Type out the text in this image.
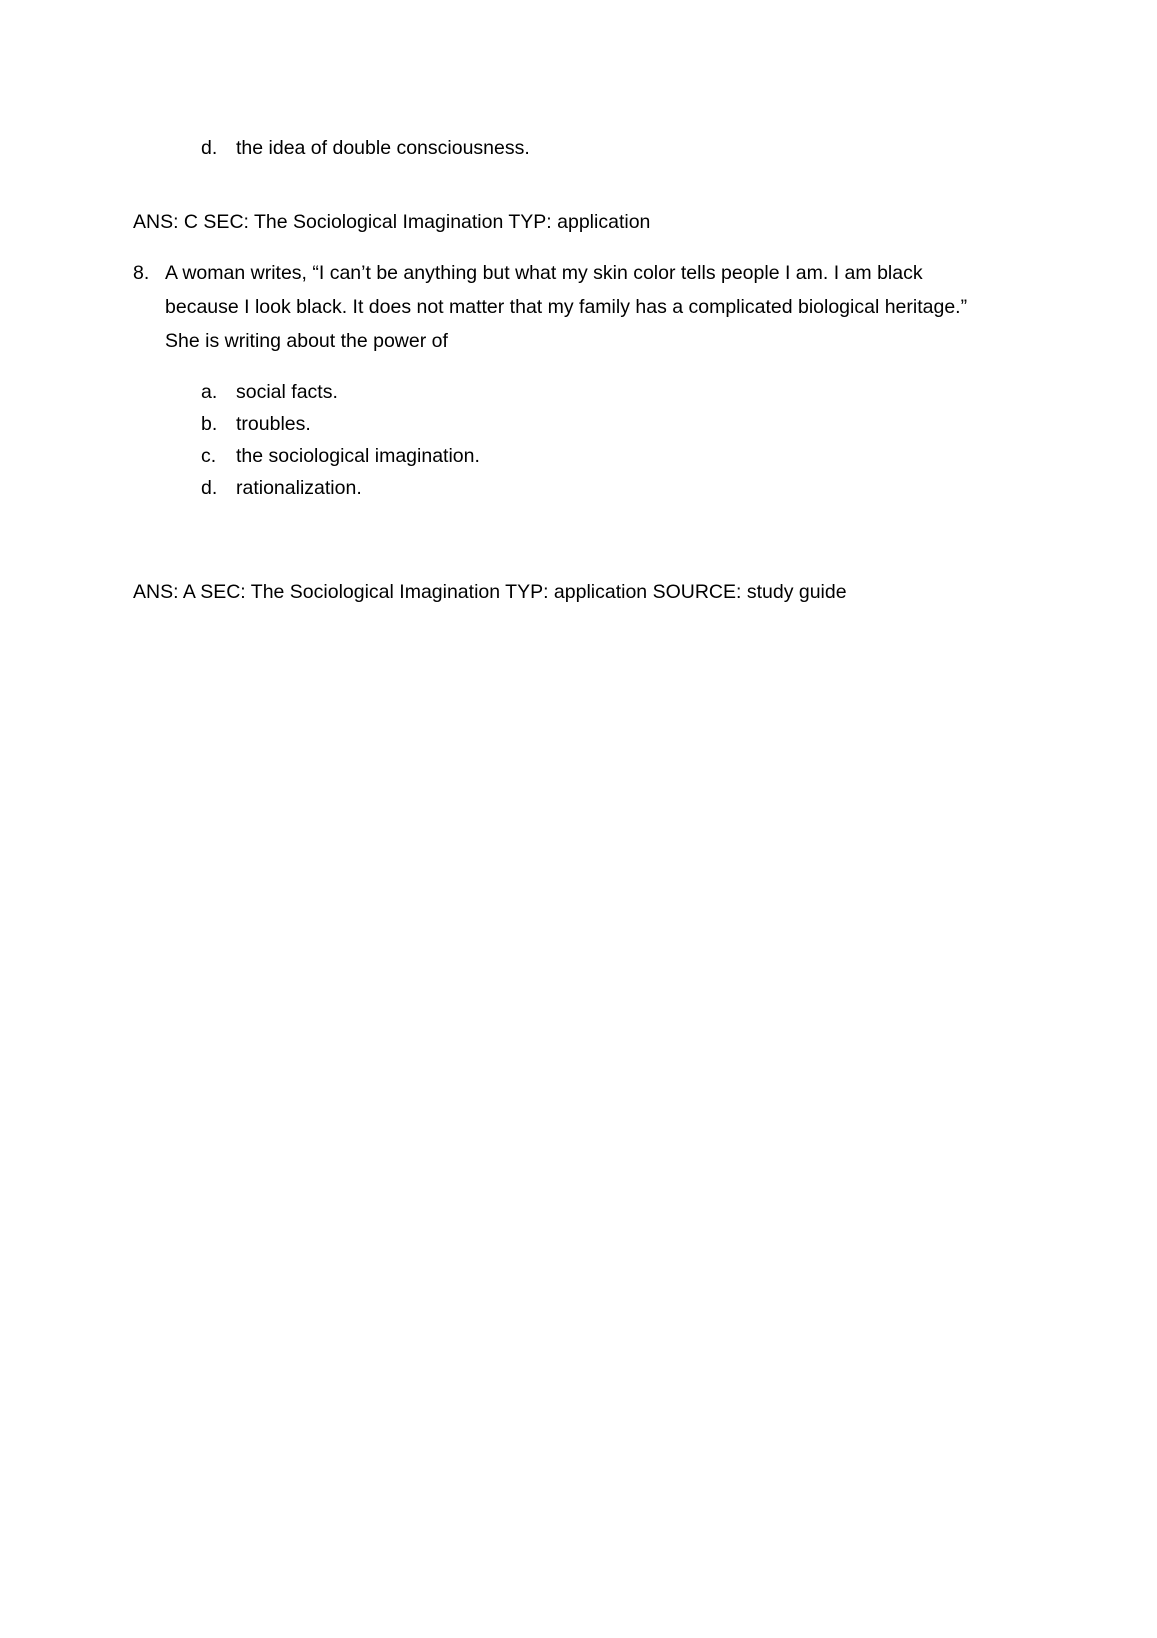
d. the idea of double consciousness.
ANS: C SEC: The Sociological Imagination TYP: application
8. A woman writes, “I can’t be anything but what my skin color tells people I am. I am black because I look black. It does not matter that my family has a complicated biological heritage.” She is writing about the power of
a. social facts.
b. troubles.
c.	the sociological imagination.
d. rationalization.
ANS: A SEC: The Sociological Imagination TYP: application SOURCE: study guide
